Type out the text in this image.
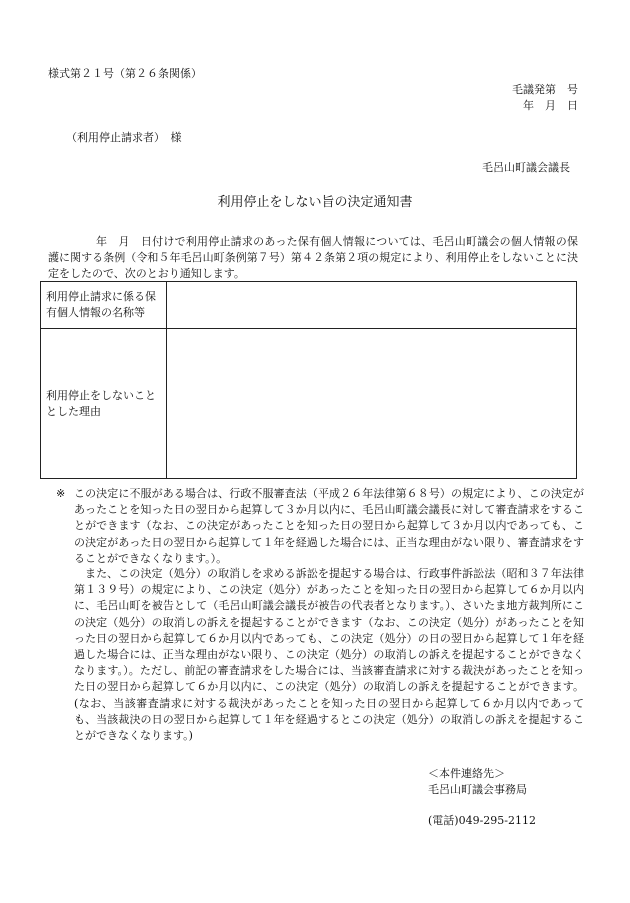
様式第２１号（第２６条関係）
毛議発第　号
年　月　日
（利用停止請求者）　様
毛呂山町議会議長
利用停止をしない旨の決定通知書
年　月　日付けで利用停止請求のあった保有個人情報については、毛呂山町議会の個人情報の保護に関する条例（令和５年毛呂山町条例第７号）第４２条第２項の規定により、利用停止をしないことに決定をしたので、次のとおり通知します。
利用停止請求に係る保有個人情報の名称等	
利用停止をしないこととした理由	
※ この決定に不服がある場合は、行政不服審査法（平成２６年法律第６８号）の規定により、この決定があったことを知った日の翌日から起算して３か月以内に、毛呂山町議会議長に対して審査請求をすることができます（なお、この決定があったことを知った日の翌日から起算して３か月以内であっても、この決定があった日の翌日から起算して１年を経過した場合には、正当な理由がない限り、審査請求をすることができなくなります。）。
また、この決定（処分）の取消しを求める訴訟を提起する場合は、行政事件訴訟法（昭和３７年法律第１３９号）の規定により、この決定（処分）があったことを知った日の翌日から起算して６か月以内に、毛呂山町を被告として（毛呂山町議会議長が被告の代表者となります。）、さいたま地方裁判所にこの決定（処分）の取消しの訴えを提起することができます（なお、この決定（処分）があったことを知った日の翌日から起算して６か月以内であっても、この決定（処分）の日の翌日から起算して１年を経過した場合には、正当な理由がない限り、この決定（処分）の取消しの訴えを提起することができなくなります。）。ただし、前記の審査請求をした場合には、当該審査請求に対する裁決があったことを知った日の翌日から起算して６か月以内に、この決定（処分）の取消しの訴えを提起することができます。(なお、当該審査請求に対する裁決があったことを知った日の翌日から起算して６か月以内であっても、当該裁決の日の翌日から起算して１年を経過するとこの決定（処分）の取消しの訴えを提起することができなくなります。)
＜本件連絡先＞
毛呂山町議会事務局
(電話)049-295-2112
